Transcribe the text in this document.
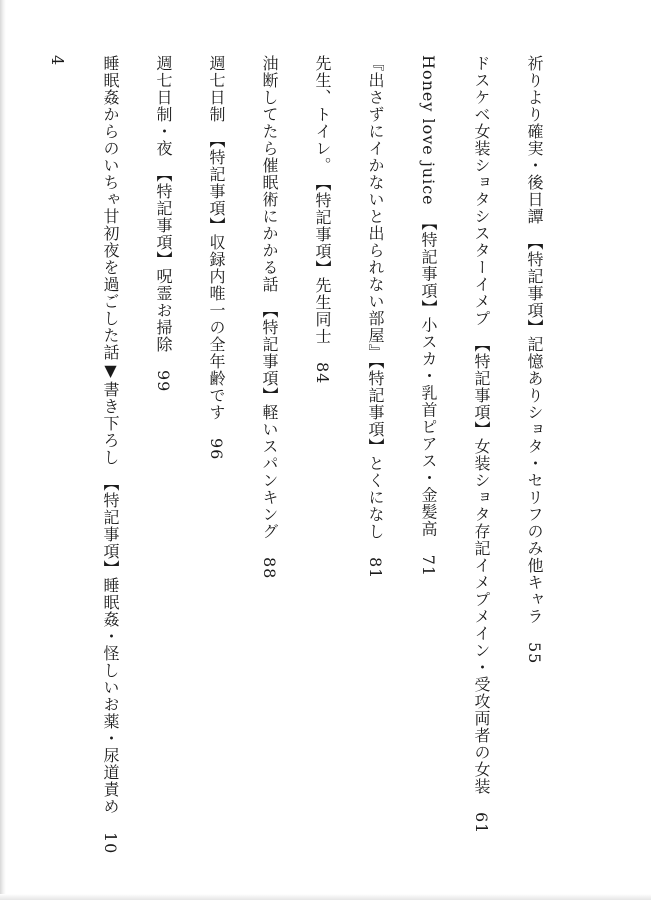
祈りより確実・後日譚　【特記事項】記憶ありショタ・セリフのみ他キャラ　55

ドスケベ女装ショタシスターイメプ　【特記事項】女装ショタ存記イメプメイン・受攻両者の女装　61

Honey love juice　【特記事項】小スカ・乳首ピアス・金髪高　71

『出さずにイかないと出られない部屋』【特記事項】とくになし　81

先生、トイレ。　【特記事項】先生同士　84

油断してたら催眠術にかかる話　【特記事項】軽いスパンキング　88

週七日制　【特記事項】収録内唯一の全年齢です　96

週七日制・夜　【特記事項】呪霊お掃除　99

睡眠姦からのいちゃ甘初夜を過ごした話▼書き下ろし　【特記事項】睡眠姦・怪しいお薬・尿道責め　104
